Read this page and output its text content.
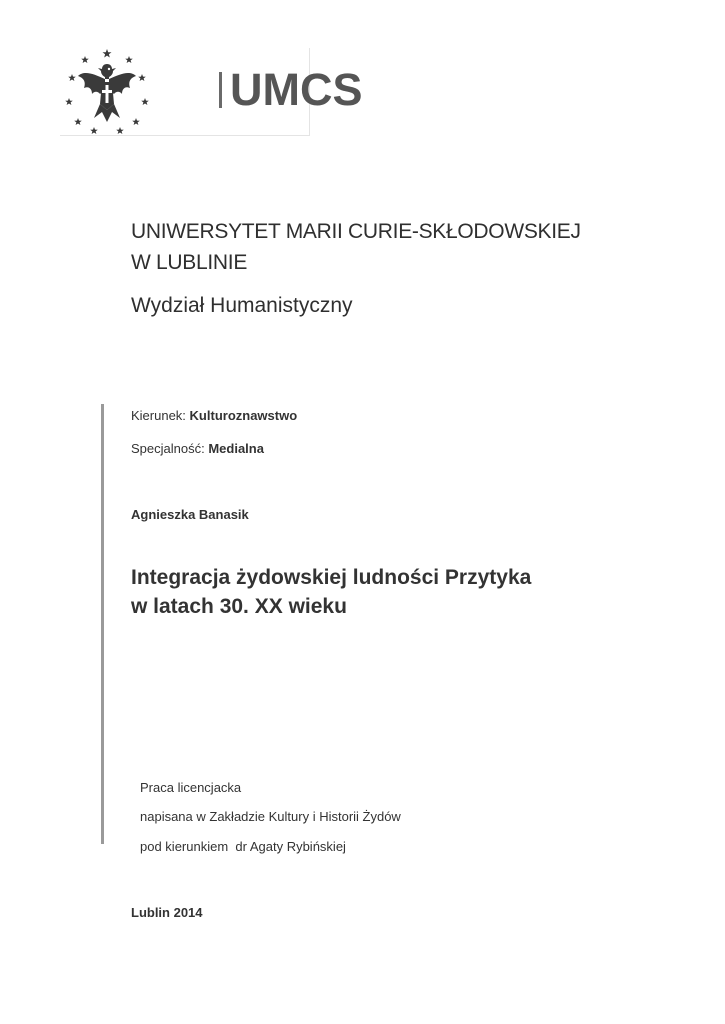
UMCS
UNIWERSYTET MARII CURIE-SKŁODOWSKIEJ
W LUBLINIE
Wydział Humanistyczny
Kierunek: Kulturoznawstwo
Specjalność: Medialna
Agnieszka Banasik
Integracja żydowskiej ludności Przytyka
w latach 30. XX wieku
Praca licencjacka
napisana w Zakładzie Kultury i Historii Żydów
pod kierunkiem  dr Agaty Rybińskiej
Lublin 2014
